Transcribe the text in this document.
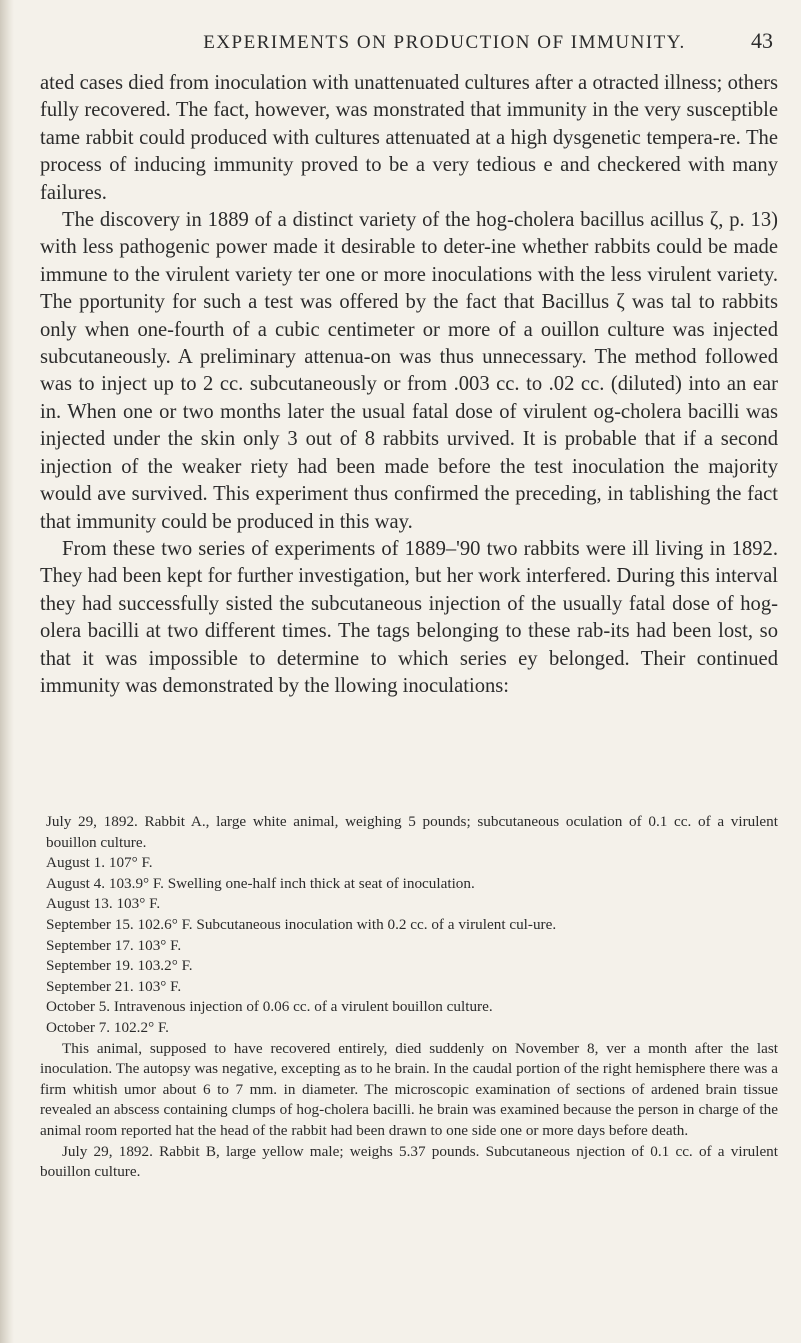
EXPERIMENTS ON PRODUCTION OF IMMUNITY.	43

ated cases died from inoculation with unattenuated cultures after a otracted illness; others fully recovered. The fact, however, was monstrated that immunity in the very susceptible tame rabbit could produced with cultures attenuated at a high dysgenetic tempera-re. The process of inducing immunity proved to be a very tedious e and checkered with many failures.

The discovery in 1889 of a distinct variety of the hog-cholera bacillus acillus ζ, p. 13) with less pathogenic power made it desirable to deter-ine whether rabbits could be made immune to the virulent variety ter one or more inoculations with the less virulent variety. The pportunity for such a test was offered by the fact that Bacillus ζ was tal to rabbits only when one-fourth of a cubic centimeter or more of a ouillon culture was injected subcutaneously. A preliminary attenua-on was thus unnecessary. The method followed was to inject up to 2 cc. subcutaneously or from .003 cc. to .02 cc. (diluted) into an ear in. When one or two months later the usual fatal dose of virulent og-cholera bacilli was injected under the skin only 3 out of 8 rabbits urvived. It is probable that if a second injection of the weaker riety had been made before the test inoculation the majority would ave survived. This experiment thus confirmed the preceding, in tablishing the fact that immunity could be produced in this way.

From these two series of experiments of 1889–'90 two rabbits were ill living in 1892. They had been kept for further investigation, but her work interfered. During this interval they had successfully sisted the subcutaneous injection of the usually fatal dose of hog-olera bacilli at two different times. The tags belonging to these rab-its had been lost, so that it was impossible to determine to which series ey belonged. Their continued immunity was demonstrated by the llowing inoculations:

July 29, 1892. Rabbit A., large white animal, weighing 5 pounds; subcutaneous oculation of 0.1 cc. of a virulent bouillon culture.

August 1. 107° F.

August 4. 103.9° F. Swelling one-half inch thick at seat of inoculation.

August 13. 103° F.

September 15. 102.6° F. Subcutaneous inoculation with 0.2 cc. of a virulent cul-ure.

September 17. 103° F.

September 19. 103.2° F.

September 21. 103° F.

October 5. Intravenous injection of 0.06 cc. of a virulent bouillon culture.

October 7. 102.2° F.

This animal, supposed to have recovered entirely, died suddenly on November 8, ver a month after the last inoculation. The autopsy was negative, excepting as to he brain. In the caudal portion of the right hemisphere there was a firm whitish umor about 6 to 7 mm. in diameter. The microscopic examination of sections of ardened brain tissue revealed an abscess containing clumps of hog-cholera bacilli. he brain was examined because the person in charge of the animal room reported hat the head of the rabbit had been drawn to one side one or more days before death.

July 29, 1892. Rabbit B, large yellow male; weighs 5.37 pounds. Subcutaneous njection of 0.1 cc. of a virulent bouillon culture.
